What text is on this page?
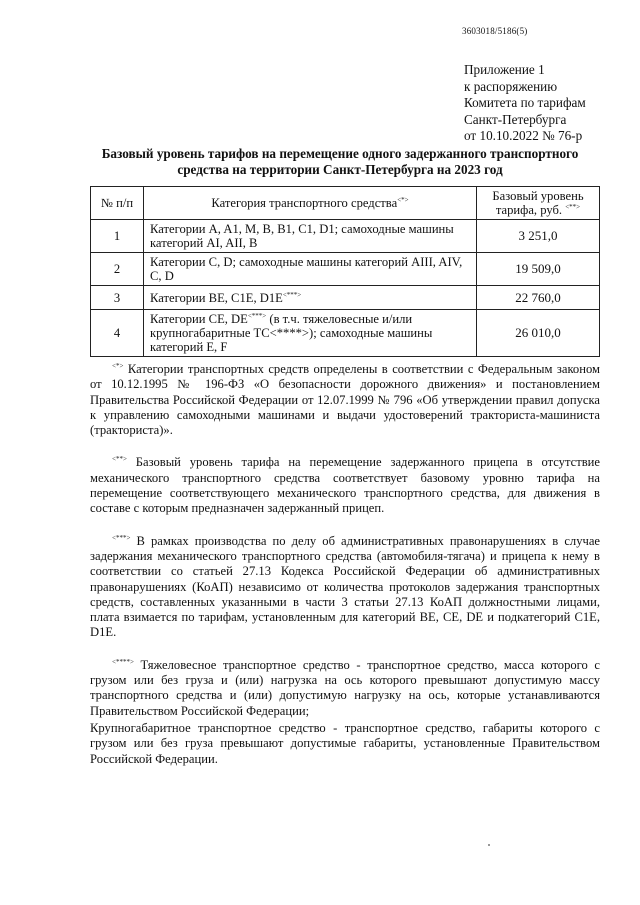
3603018/5186(5)
Приложение 1
к распоряжению
Комитета по тарифам
Санкт-Петербурга
от 10.10.2022 № 76-р
Базовый уровень тарифов на перемещение одного задержанного транспортного
средства на территории Санкт-Петербурга на 2023 год
№ п/п	Категория транспортного средства<*>	Базовый уровень
тарифа, руб. <**>

1	Категории A, A1, M, B, B1, C1, D1; самоходные машины категорий AI, AII, B	3 251,0
2	Категории C, D; самоходные машины категорий AIII, AIV, C, D	19 509,0
3	Категории BE, C1E, D1E<***>	22 760,0
4	Категории CE, DE<***> (в т.ч. тяжеловесные и/или крупногабаритные ТС<****>); самоходные машины категорий E, F	26 010,0

<*> Категории транспортных средств определены в соответствии с Федеральным законом от 10.12.1995 № 196-ФЗ «О безопасности дорожного движения» и постановлением Правительства Российской Федерации от 12.07.1999 № 796 «Об утверждении правил допуска к управлению самоходными машинами и выдачи удостоверений тракториста-машиниста (тракториста)».

<**> Базовый уровень тарифа на перемещение задержанного прицепа в отсутствие механического транспортного средства соответствует базовому уровню тарифа на перемещение соответствующего механического транспортного средства, для движения в составе с которым предназначен задержанный прицеп.

<***> В рамках производства по делу об административных правонарушениях в случае задержания механического транспортного средства (автомобиля-тягача) и прицепа к нему в соответствии со статьей 27.13 Кодекса Российской Федерации об административных правонарушениях (КоАП) независимо от количества протоколов задержания транспортных средств, составленных указанными в части 3 статьи 27.13 КоАП должностными лицами, плата взимается по тарифам, установленным для категорий BE, CE, DE и подкатегорий C1E, D1E.

<****> Тяжеловесное транспортное средство - транспортное средство, масса которого с грузом или без груза и (или) нагрузка на ось которого превышают допустимую массу транспортного средства и (или) допустимую нагрузку на ось, которые устанавливаются Правительством Российской Федерации;

Крупногабаритное транспортное средство - транспортное средство, габариты которого с грузом или без груза превышают допустимые габариты, установленные Правительством Российской Федерации.
